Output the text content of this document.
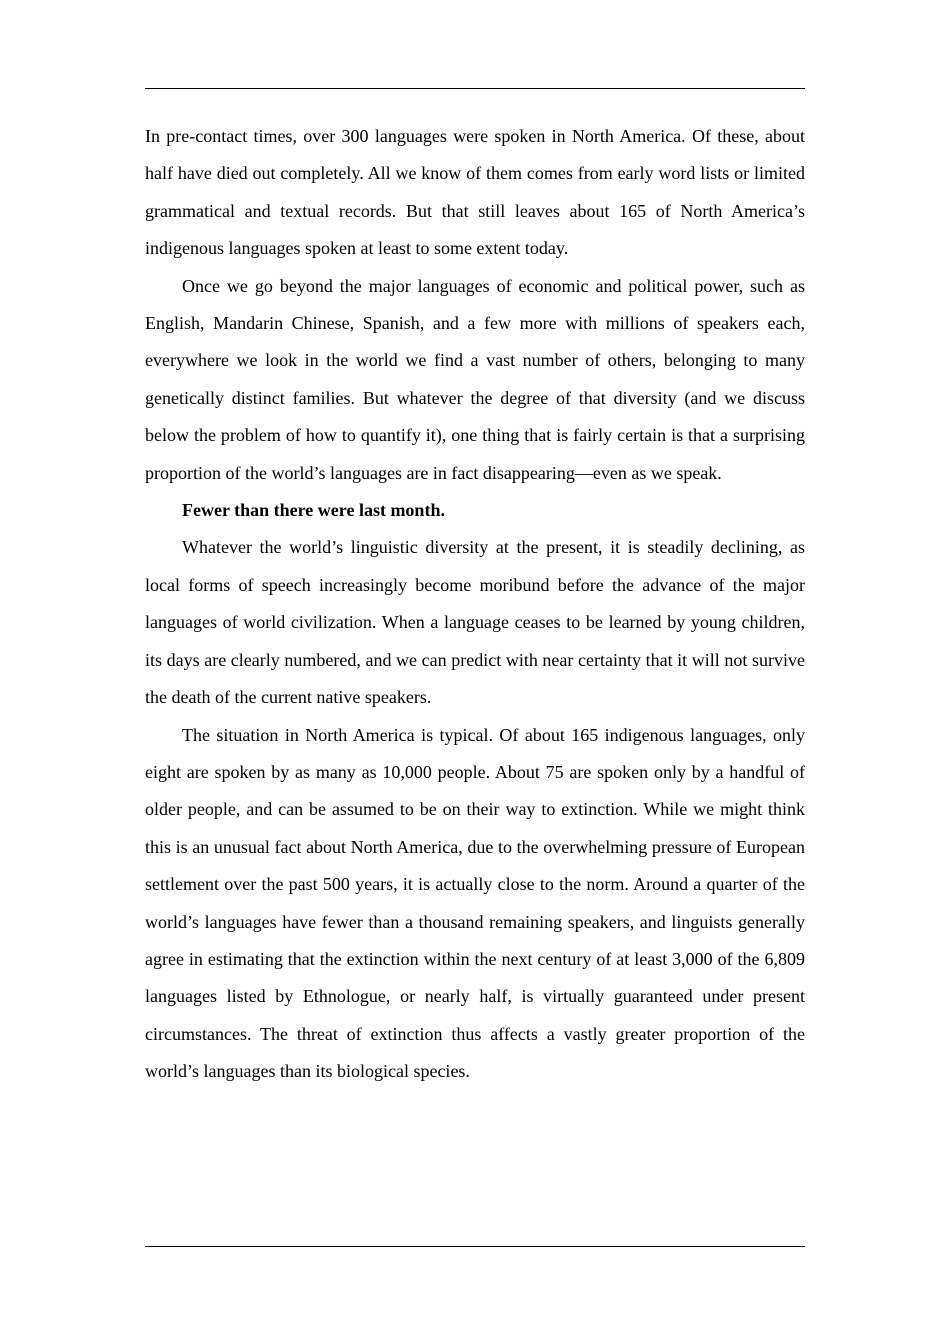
In pre-contact times, over 300 languages were spoken in North America. Of these, about half have died out completely. All we know of them comes from early word lists or limited grammatical and textual records. But that still leaves about 165 of North America’s indigenous languages spoken at least to some extent today.

Once we go beyond the major languages of economic and political power, such as English, Mandarin Chinese, Spanish, and a few more with millions of speakers each, everywhere we look in the world we find a vast number of others, belonging to many genetically distinct families. But whatever the degree of that diversity (and we discuss below the problem of how to quantify it), one thing that is fairly certain is that a surprising proportion of the world’s languages are in fact disappearing—even as we speak.

Fewer than there were last month.

Whatever the world’s linguistic diversity at the present, it is steadily declining, as local forms of speech increasingly become moribund before the advance of the major languages of world civilization. When a language ceases to be learned by young children, its days are clearly numbered, and we can predict with near certainty that it will not survive the death of the current native speakers.

The situation in North America is typical. Of about 165 indigenous languages, only eight are spoken by as many as 10,000 people. About 75 are spoken only by a handful of older people, and can be assumed to be on their way to extinction. While we might think this is an unusual fact about North America, due to the overwhelming pressure of European settlement over the past 500 years, it is actually close to the norm. Around a quarter of the world’s languages have fewer than a thousand remaining speakers, and linguists generally agree in estimating that the extinction within the next century of at least 3,000 of the 6,809 languages listed by Ethnologue, or nearly half, is virtually guaranteed under present circumstances. The threat of extinction thus affects a vastly greater proportion of the world’s languages than its biological species.
